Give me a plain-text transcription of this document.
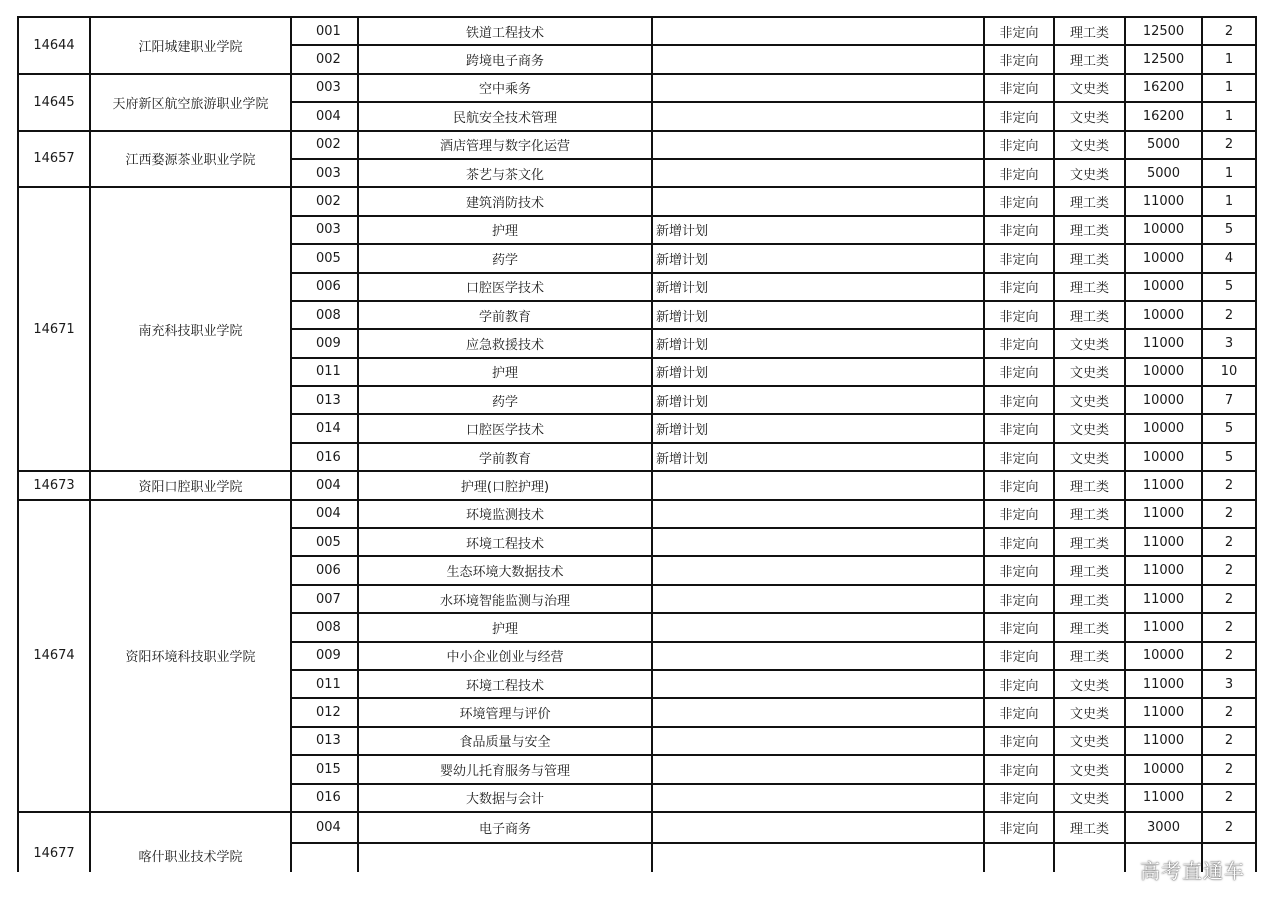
14644	江阳城建职业学院	001	铁道工程技术		非定向	理工类	12500	2
		002	跨境电子商务		非定向	理工类	12500	1
14645	天府新区航空旅游职业学院	003	空中乘务		非定向	文史类	16200	1
		004	民航安全技术管理		非定向	文史类	16200	1
14657	江西婺源茶业职业学院	002	酒店管理与数字化运营		非定向	文史类	5000	2
		003	茶艺与茶文化		非定向	文史类	5000	1
14671	南充科技职业学院	002	建筑消防技术		非定向	理工类	11000	1
		003	护理	新增计划	非定向	理工类	10000	5
		005	药学	新增计划	非定向	理工类	10000	4
		006	口腔医学技术	新增计划	非定向	理工类	10000	5
		008	学前教育	新增计划	非定向	理工类	10000	2
		009	应急救援技术	新增计划	非定向	文史类	11000	3
		011	护理	新增计划	非定向	文史类	10000	10
		013	药学	新增计划	非定向	文史类	10000	7
		014	口腔医学技术	新增计划	非定向	文史类	10000	5
		016	学前教育	新增计划	非定向	文史类	10000	5
14673	资阳口腔职业学院	004	护理(口腔护理)		非定向	理工类	11000	2
14674	资阳环境科技职业学院	004	环境监测技术		非定向	理工类	11000	2
		005	环境工程技术		非定向	理工类	11000	2
		006	生态环境大数据技术		非定向	理工类	11000	2
		007	水环境智能监测与治理		非定向	理工类	11000	2
		008	护理		非定向	理工类	11000	2
		009	中小企业创业与经营		非定向	理工类	10000	2
		011	环境工程技术		非定向	文史类	11000	3
		012	环境管理与评价		非定向	文史类	11000	2
		013	食品质量与安全		非定向	文史类	11000	2
		015	婴幼儿托育服务与管理		非定向	文史类	10000	2
		016	大数据与会计		非定向	文史类	11000	2
14677	喀什职业技术学院	004	电子商务		非定向	理工类	3000	2

高考直通车
